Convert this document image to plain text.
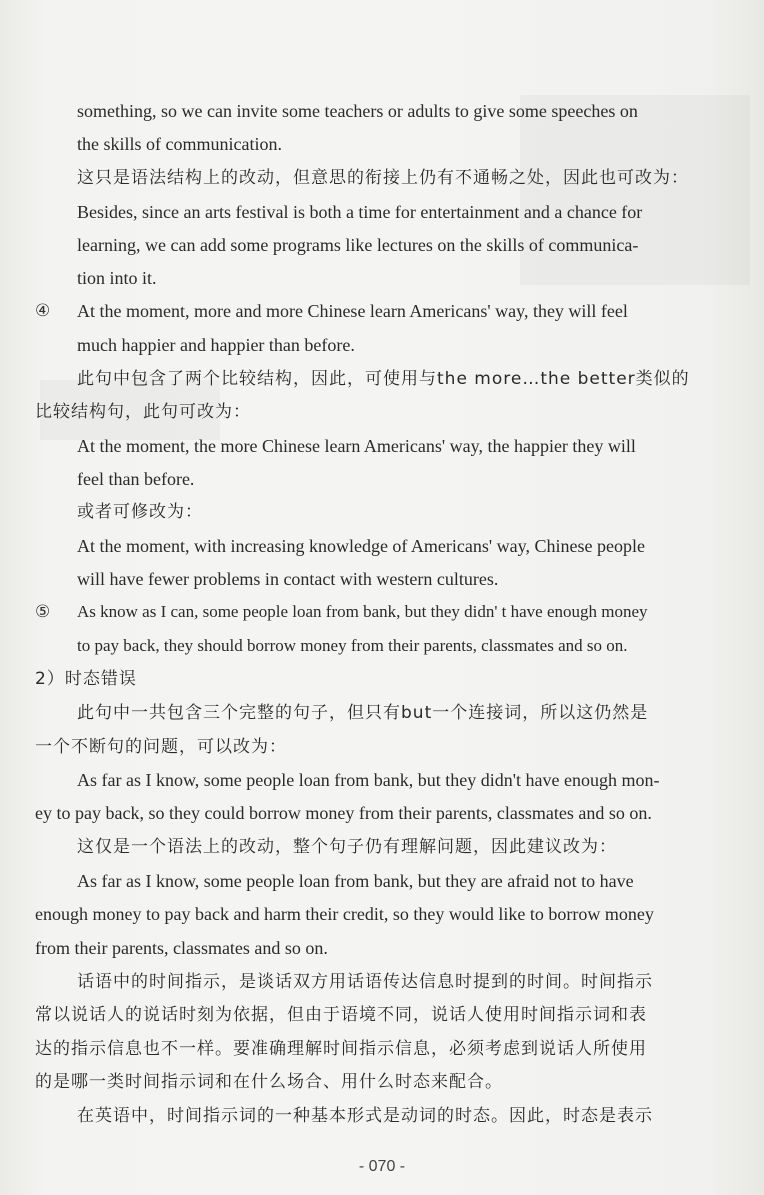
something, so we can invite some teachers or adults to give some speeches on
the skills of communication.
这只是语法结构上的改动，但意思的衔接上仍有不通畅之处，因此也可改为：
Besides, since an arts festival is both a time for entertainment and a chance for
learning, we can add some programs like lectures on the skills of communica-
tion into it.
④ At the moment, more and more Chinese learn Americans' way, they will feel
much happier and happier than before.
此句中包含了两个比较结构，因此，可使用与the more…the better类似的
比较结构句，此句可改为：
At the moment, the more Chinese learn Americans' way, the happier they will
feel than before.
或者可修改为：
At the moment, with increasing knowledge of Americans' way, Chinese people
will have fewer problems in contact with western cultures.
⑤ As know as I can, some people loan from bank, but they didn' t have enough money
to pay back, they should borrow money from their parents, classmates and so on.
2）时态错误
此句中一共包含三个完整的句子，但只有but一个连接词，所以这仍然是
一个不断句的问题，可以改为：
As far as I know, some people loan from bank, but they didn't have enough mon-
ey to pay back, so they could borrow money from their parents, classmates and so on.
这仅是一个语法上的改动，整个句子仍有理解问题，因此建议改为：
As far as I know, some people loan from bank, but they are afraid not to have
enough money to pay back and harm their credit, so they would like to borrow money
from their parents, classmates and so on.
话语中的时间指示，是谈话双方用话语传达信息时提到的时间。时间指示
常以说话人的说话时刻为依据，但由于语境不同，说话人使用时间指示词和表
达的指示信息也不一样。要准确理解时间指示信息，必须考虑到说话人所使用
的是哪一类时间指示词和在什么场合、用什么时态来配合。
在英语中，时间指示词的一种基本形式是动词的时态。因此，时态是表示
- 070 -
